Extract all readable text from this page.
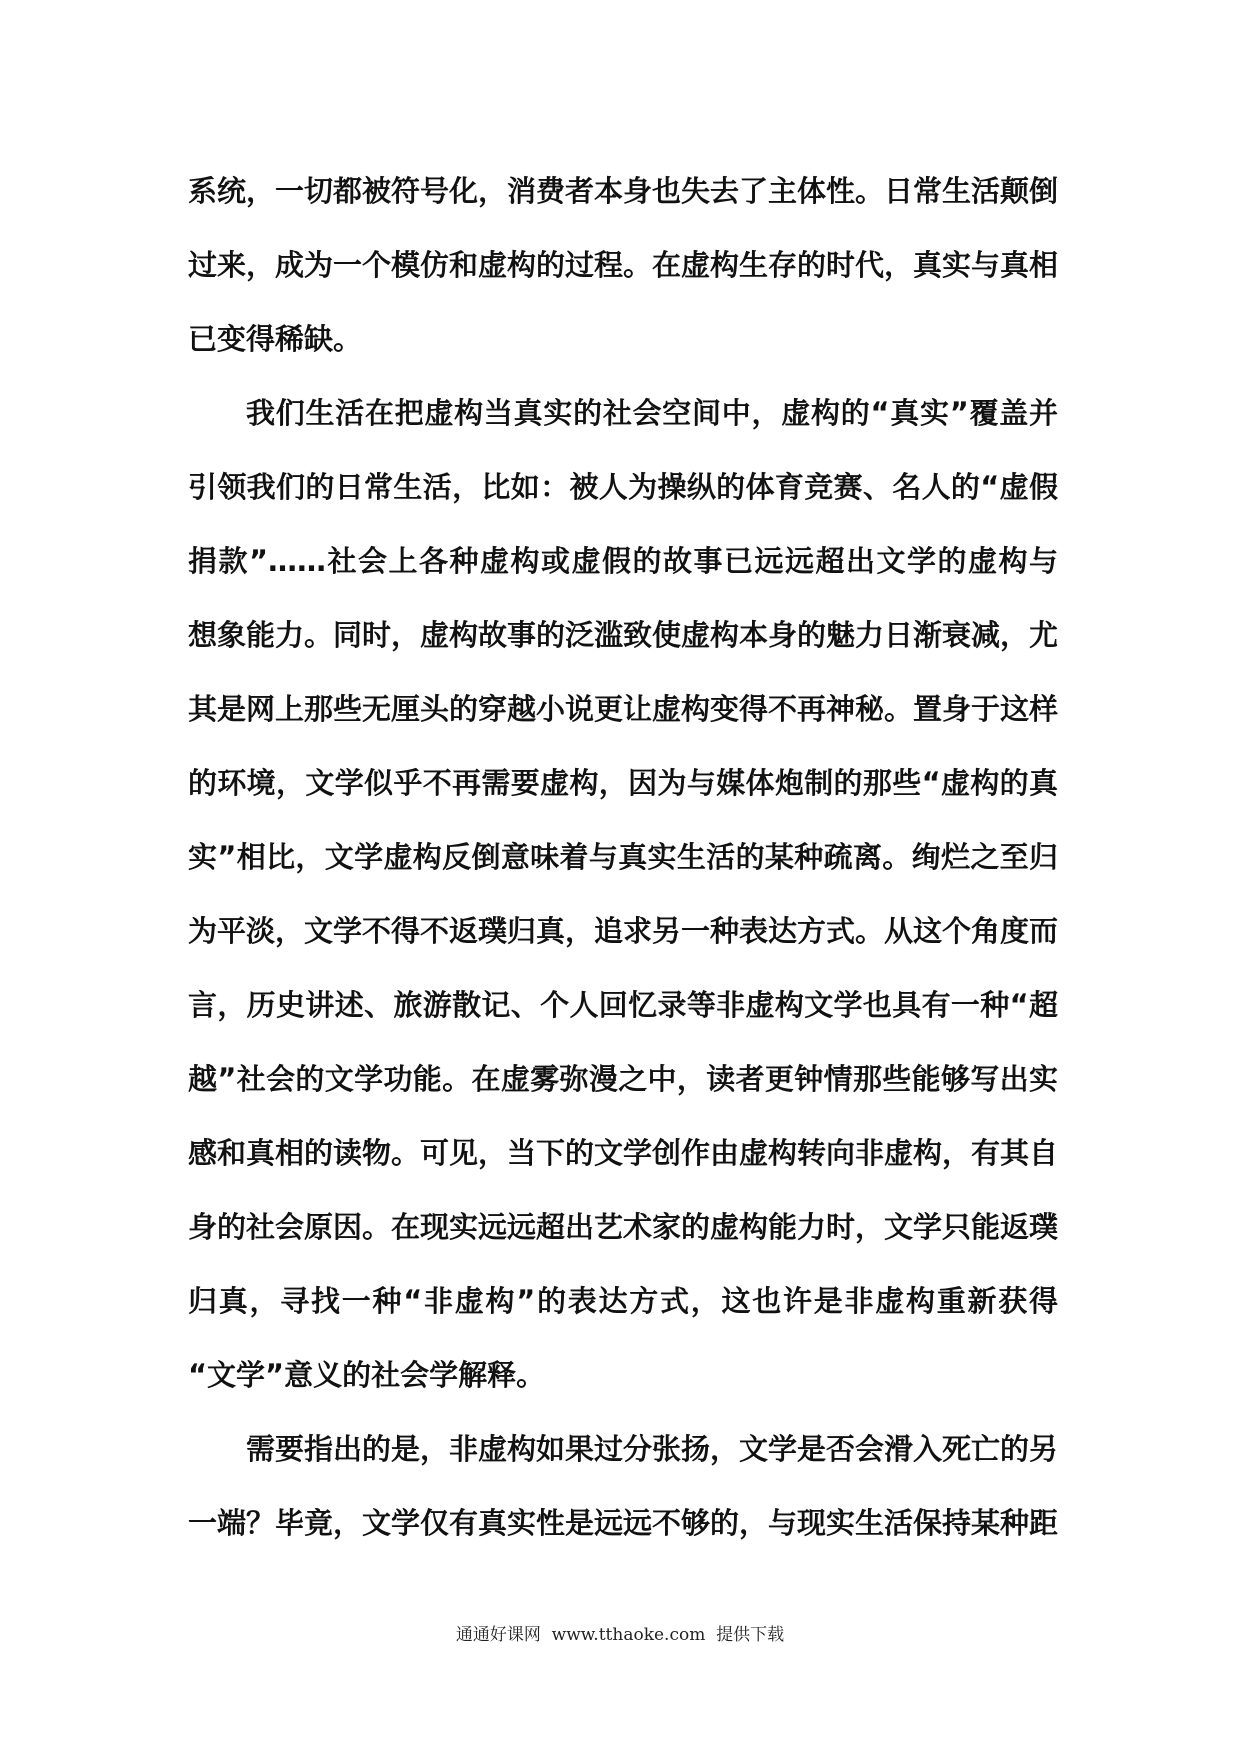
系统，一切都被符号化，消费者本身也失去了主体性。日常生活颠倒
过来，成为一个模仿和虚构的过程。在虚构生存的时代，真实与真相
已变得稀缺。
我们生活在把虚构当真实的社会空间中，虚构的“真实”覆盖并
引领我们的日常生活，比如：被人为操纵的体育竞赛、名人的“虚假
捐款”……社会上各种虚构或虚假的故事已远远超出文学的虚构与
想象能力。同时，虚构故事的泛滥致使虚构本身的魅力日渐衰减，尤
其是网上那些无厘头的穿越小说更让虚构变得不再神秘。置身于这样
的环境，文学似乎不再需要虚构，因为与媒体炮制的那些“虚构的真
实”相比，文学虚构反倒意味着与真实生活的某种疏离。绚烂之至归
为平淡，文学不得不返璞归真，追求另一种表达方式。从这个角度而
言，历史讲述、旅游散记、个人回忆录等非虚构文学也具有一种“超
越”社会的文学功能。在虚雾弥漫之中，读者更钟情那些能够写出实
感和真相的读物。可见，当下的文学创作由虚构转向非虚构，有其自
身的社会原因。在现实远远超出艺术家的虚构能力时，文学只能返璞
归真，寻找一种“非虚构”的表达方式，这也许是非虚构重新获得
“文学”意义的社会学解释。
需要指出的是，非虚构如果过分张扬，文学是否会滑入死亡的另
一端？毕竟，文学仅有真实性是远远不够的，与现实生活保持某种距
通通好课网  www.tthaoke.com  提供下载
